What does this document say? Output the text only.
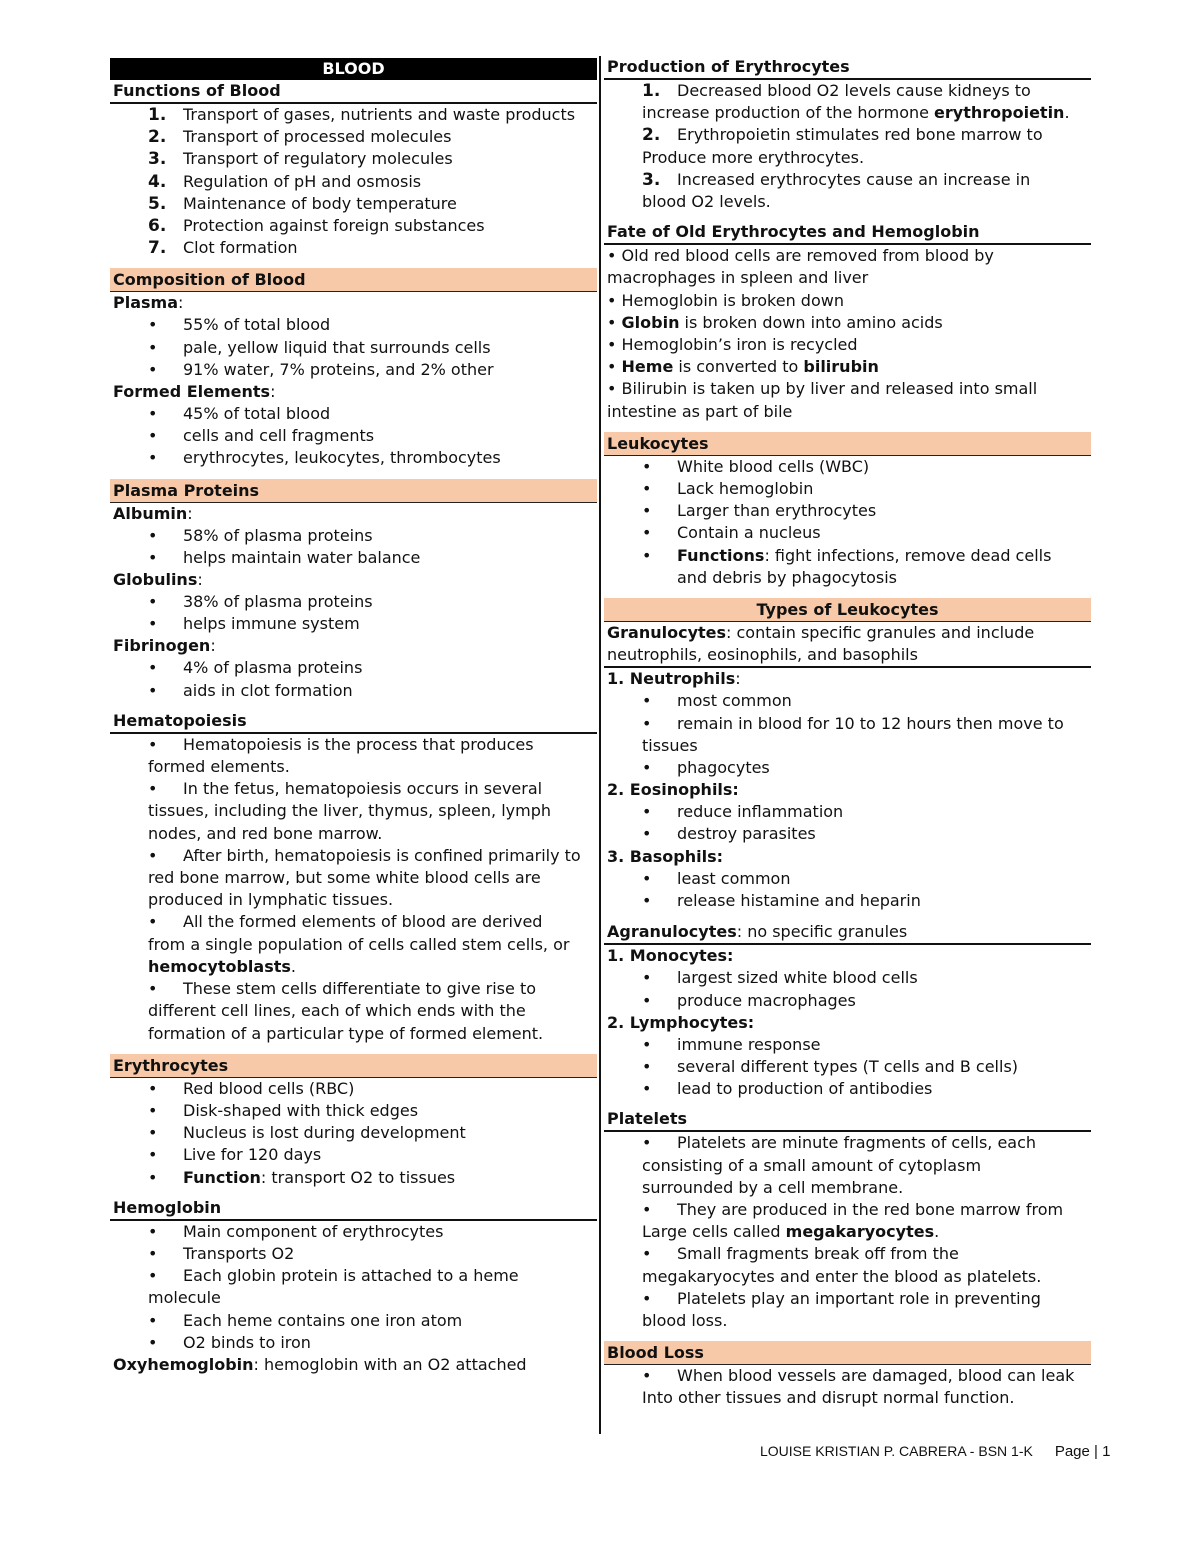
BLOOD
Functions of Blood
1. Transport of gases, nutrients and waste products
2. Transport of processed molecules
3. Transport of regulatory molecules
4. Regulation of pH and osmosis
5. Maintenance of body temperature
6. Protection against foreign substances
7. Clot formation
Composition of Blood
Plasma:
• 55% of total blood
• pale, yellow liquid that surrounds cells
• 91% water, 7% proteins, and 2% other
Formed Elements:
• 45% of total blood
• cells and cell fragments
• erythrocytes, leukocytes, thrombocytes
Plasma Proteins
Albumin:
• 58% of plasma proteins
• helps maintain water balance
Globulins:
• 38% of plasma proteins
• helps immune system
Fibrinogen:
• 4% of plasma proteins
• aids in clot formation
Hematopoiesis
• Hematopoiesis is the process that produces
formed elements.
• In the fetus, hematopoiesis occurs in several
tissues, including the liver, thymus, spleen, lymph
nodes, and red bone marrow.
• After birth, hematopoiesis is confined primarily to
red bone marrow, but some white blood cells are
produced in lymphatic tissues.
• All the formed elements of blood are derived
from a single population of cells called stem cells, or
hemocytoblasts.
• These stem cells differentiate to give rise to
different cell lines, each of which ends with the
formation of a particular type of formed element.
Erythrocytes
• Red blood cells (RBC)
• Disk-shaped with thick edges
• Nucleus is lost during development
• Live for 120 days
• Function: transport O2 to tissues
Hemoglobin
• Main component of erythrocytes
• Transports O2
• Each globin protein is attached to a heme
molecule
• Each heme contains one iron atom
• O2 binds to iron
Oxyhemoglobin: hemoglobin with an O2 attached
Production of Erythrocytes
1. Decreased blood O2 levels cause kidneys to
increase production of the hormone erythropoietin.
2. Erythropoietin stimulates red bone marrow to
Produce more erythrocytes.
3. Increased erythrocytes cause an increase in
blood O2 levels.
Fate of Old Erythrocytes and Hemoglobin
• Old red blood cells are removed from blood by
macrophages in spleen and liver
• Hemoglobin is broken down
• Globin is broken down into amino acids
• Hemoglobin’s iron is recycled
• Heme is converted to bilirubin
• Bilirubin is taken up by liver and released into small
intestine as part of bile
Leukocytes
• White blood cells (WBC)
• Lack hemoglobin
• Larger than erythrocytes
• Contain a nucleus
• Functions: fight infections, remove dead cells
and debris by phagocytosis
Types of Leukocytes
Granulocytes: contain specific granules and include
neutrophils, eosinophils, and basophils
1. Neutrophils:
• most common
• remain in blood for 10 to 12 hours then move to
tissues
• phagocytes
2. Eosinophils:
• reduce inflammation
• destroy parasites
3. Basophils:
• least common
• release histamine and heparin
Agranulocytes: no specific granules
1. Monocytes:
• largest sized white blood cells
• produce macrophages
2. Lymphocytes:
• immune response
• several different types (T cells and B cells)
• lead to production of antibodies
Platelets
• Platelets are minute fragments of cells, each
consisting of a small amount of cytoplasm
surrounded by a cell membrane.
• They are produced in the red bone marrow from
Large cells called megakaryocytes.
• Small fragments break off from the
megakaryocytes and enter the blood as platelets.
• Platelets play an important role in preventing
blood loss.
Blood Loss
• When blood vessels are damaged, blood can leak
Into other tissues and disrupt normal function.
LOUISE KRISTIAN P. CABRERA - BSN 1-K Page | 1
